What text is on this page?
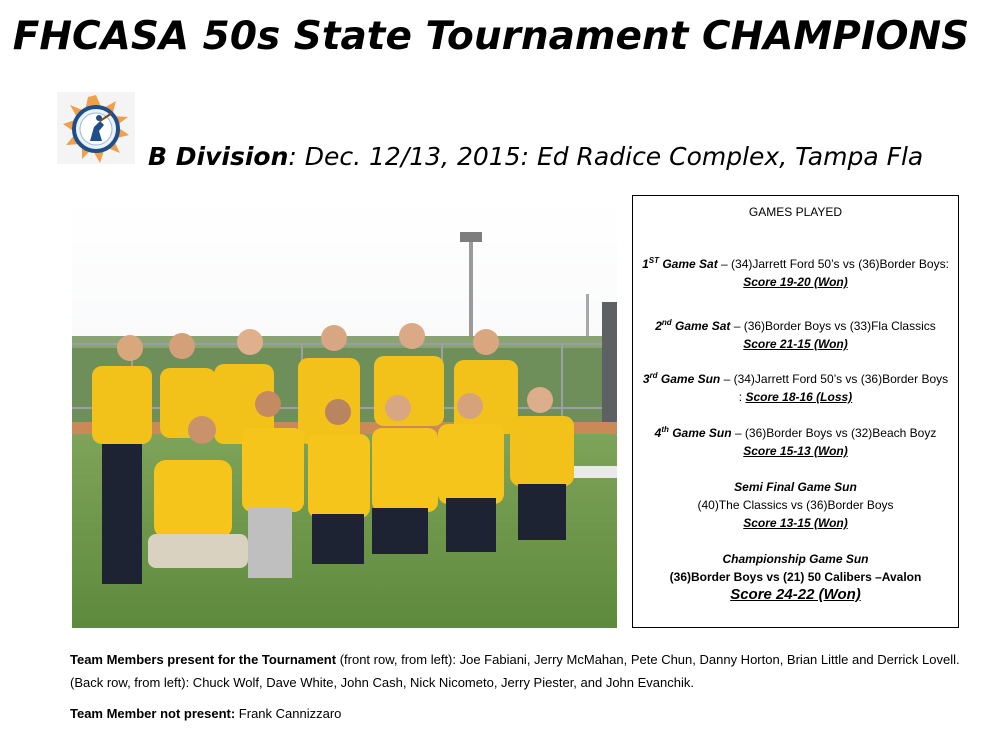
FHCASA 50s State Tournament CHAMPIONS
B Division: Dec. 12/13, 2015: Ed Radice Complex, Tampa Fla
GAMES PLAYED
1ST Game Sat – (34)Jarrett Ford 50’s vs (36)Border Boys: Score 19-20 (Won)
2nd Game Sat – (36)Border Boys vs (33)Fla Classics Score 21-15 (Won)
3rd Game Sun – (34)Jarrett Ford 50’s vs (36)Border Boys : Score 18-16 (Loss)
4th Game Sun – (36)Border Boys vs (32)Beach Boyz Score 15-13 (Won)
Semi Final Game Sun
(40)The Classics vs (36)Border Boys
Score 13-15 (Won)
Championship Game Sun
(36)Border Boys vs (21) 50 Calibers –Avalon
Score 24-22 (Won)
Team Members present for the Tournament (front row, from left): Joe Fabiani, Jerry McMahan, Pete Chun, Danny Horton, Brian Little and Derrick Lovell. (Back row, from left): Chuck Wolf, Dave White, John Cash, Nick Nicometo, Jerry Piester, and John Evanchik.
Team Member not present: Frank Cannizzaro
